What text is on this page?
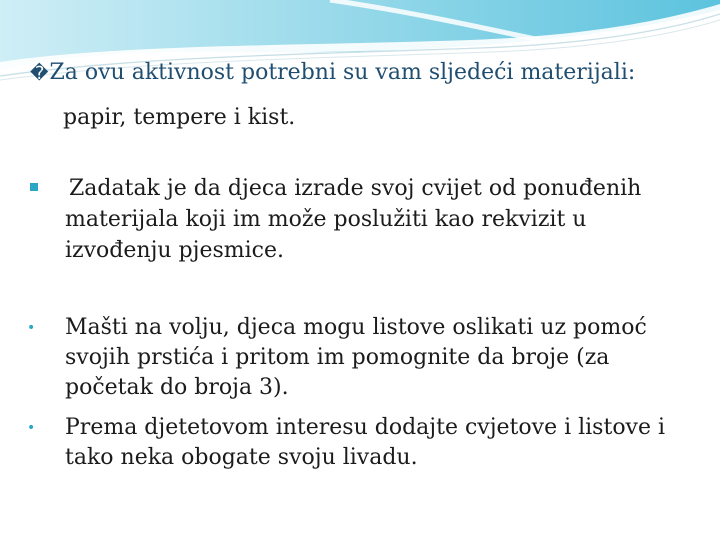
�Za ovu aktivnost potrebni su vam sljedeći materijali:
papir, tempere i kist.
Zadatak je da djeca izrade svoj cvijet od ponuđenih
materijala koji im može poslužiti kao rekvizit u
izvođenju pjesmice.
• Mašti na volju, djeca mogu listove oslikati uz pomoć
svojih prstića i pritom im pomognite da broje (za
početak do broja 3).
• Prema djetetovom interesu dodajte cvjetove i listove i
tako neka obogate svoju livadu.
